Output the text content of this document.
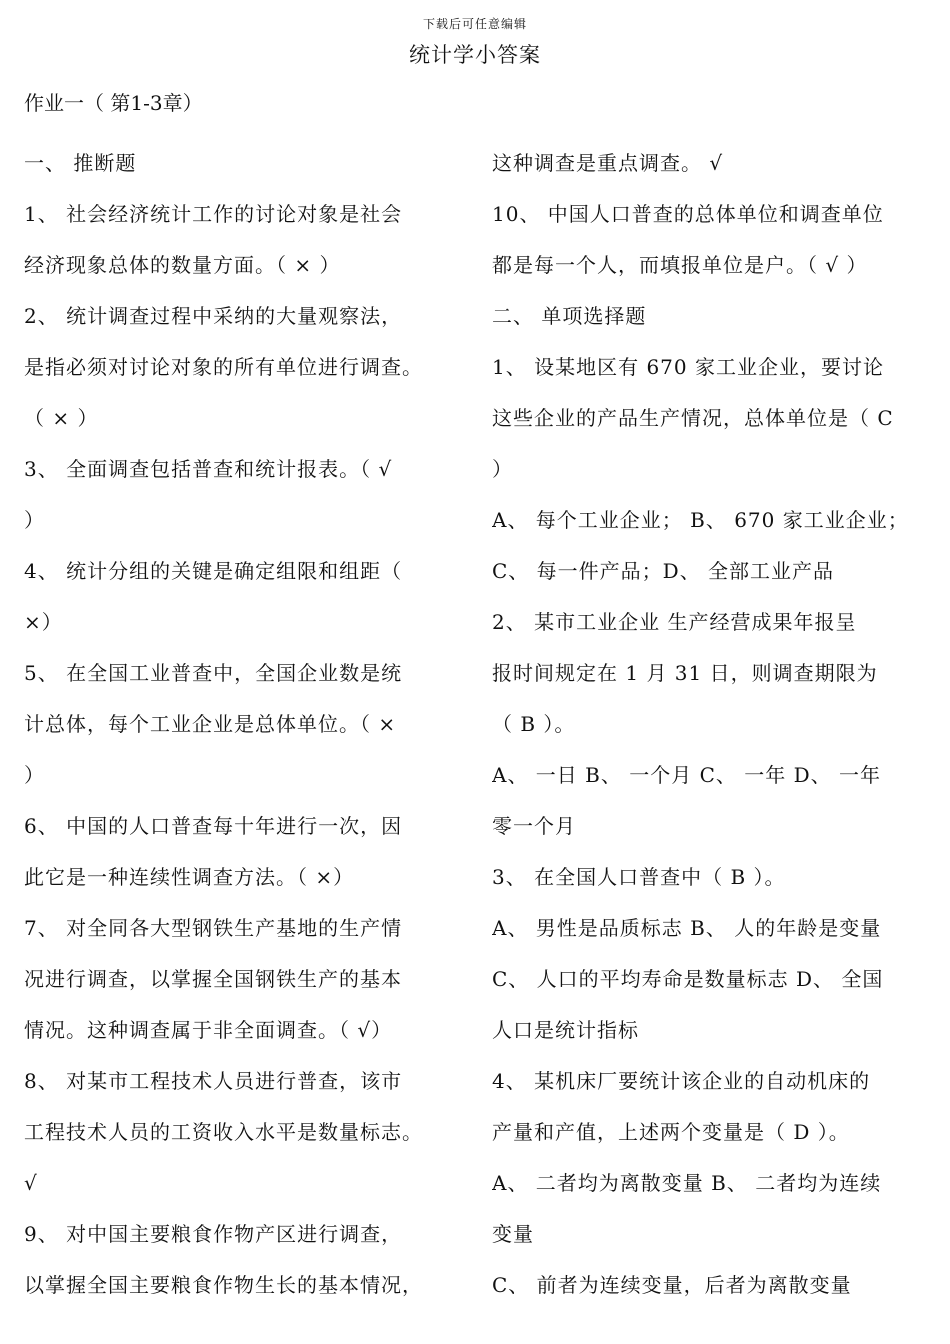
下载后可任意编辑
统计学小答案
作业一（ 第1-3章）
一、 推断题
1、 社会经济统计工作的讨论对象是社会
经济现象总体的数量方面。（ × ）
2、 统计调查过程中采纳的大量观察法，
是指必须对讨论对象的所有单位进行调查。
（ × ）
3、 全面调查包括普查和统计报表。（ √
）
4、 统计分组的关键是确定组限和组距（
×）
5、 在全国工业普查中，全国企业数是统
计总体，每个工业企业是总体单位。（ ×
）
6、 中国的人口普查每十年进行一次，因
此它是一种连续性调查方法。（ ×）
7、 对全同各大型钢铁生产基地的生产情
况进行调查，以掌握全国钢铁生产的基本
情况。这种调查属于非全面调查。（ √）
8、 对某市工程技术人员进行普查，该市
工程技术人员的工资收入水平是数量标志。
√
9、 对中国主要粮食作物产区进行调查，
以掌握全国主要粮食作物生长的基本情况，
这种调查是重点调查。 √
10、 中国人口普查的总体单位和调查单位
都是每一个人，而填报单位是户。（ √ ）
二、 单项选择题
1、 设某地区有 670 家工业企业，要讨论
这些企业的产品生产情况，总体单位是（ C
）
A、 每个工业企业； B、 670 家工业企业；
C、 每一件产品；D、 全部工业产品
2、 某市工业企业 生产经营成果年报呈
报时间规定在 1 月 31 日，则调查期限为
（ B ）。
A、 一日 B、 一个月 C、 一年 D、 一年
零一个月
3、 在全国人口普查中（ B ）。
A、 男性是品质标志 B、 人的年龄是变量
C、 人口的平均寿命是数量标志 D、 全国
人口是统计指标
4、 某机床厂要统计该企业的自动机床的
产量和产值，上述两个变量是（ D ）。
A、 二者均为离散变量 B、 二者均为连续
变量
C、 前者为连续变量，后者为离散变量
